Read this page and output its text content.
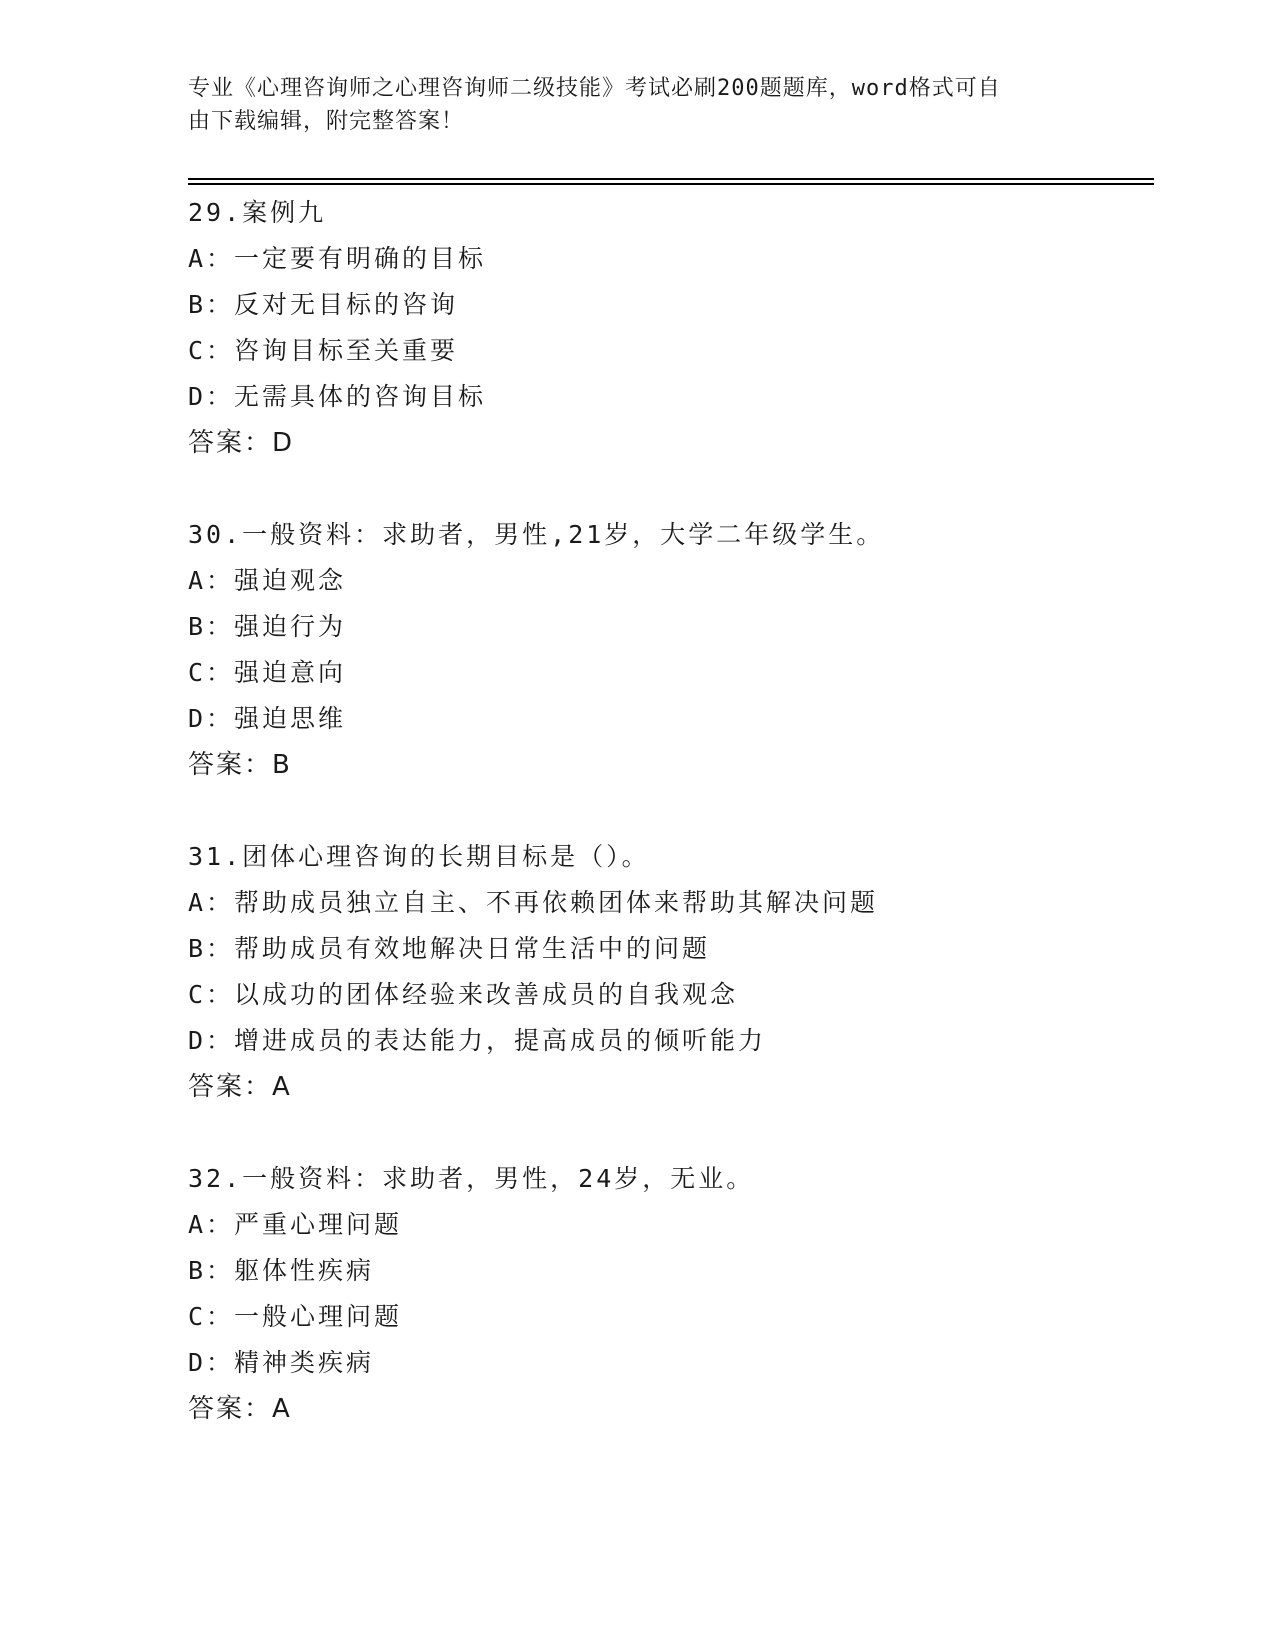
专业《心理咨询师之心理咨询师二级技能》考试必刷200题题库，word格式可自
由下载编辑，附完整答案！
29.案例九
A：一定要有明确的目标
B：反对无目标的咨询
C：咨询目标至关重要
D：无需具体的咨询目标
答案：D
30.一般资料：求助者，男性,21岁，大学二年级学生。
A：强迫观念
B：强迫行为
C：强迫意向
D：强迫思维
答案：B
31.团体心理咨询的长期目标是（）。
A：帮助成员独立自主、不再依赖团体来帮助其解决问题
B：帮助成员有效地解决日常生活中的问题
C：以成功的团体经验来改善成员的自我观念
D：增进成员的表达能力，提高成员的倾听能力
答案：A
32.一般资料：求助者，男性，24岁，无业。
A：严重心理问题
B：躯体性疾病
C：一般心理问题
D：精神类疾病
答案：A
